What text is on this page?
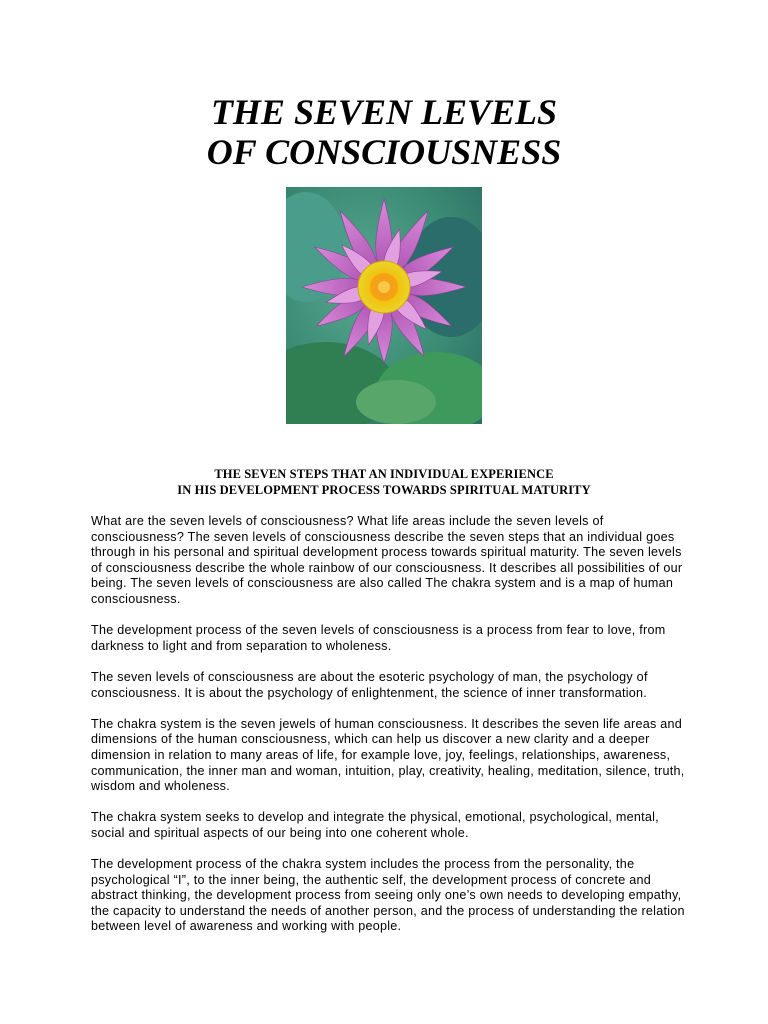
THE SEVEN LEVELS
OF CONSCIOUSNESS
THE SEVEN STEPS THAT AN INDIVIDUAL EXPERIENCE
IN HIS DEVELOPMENT PROCESS TOWARDS SPIRITUAL MATURITY

What are the seven levels of consciousness? What life areas include the seven levels of consciousness? The seven levels of consciousness describe the seven steps that an individual goes through in his personal and spiritual development process towards spiritual maturity. The seven levels of consciousness describe the whole rainbow of our consciousness. It describes all possibilities of our being. The seven levels of consciousness are also called The chakra system and is a map of human consciousness.

The development process of the seven levels of consciousness is a process from fear to love, from darkness to light and from separation to wholeness.

The seven levels of consciousness are about the esoteric psychology of man, the psychology of consciousness. It is about the psychology of enlightenment, the science of inner transformation.

The chakra system is the seven jewels of human consciousness. It describes the seven life areas and dimensions of the human consciousness, which can help us discover a new clarity and a deeper dimension in relation to many areas of life, for example love, joy, feelings, relationships, awareness, communication, the inner man and woman, intuition, play, creativity, healing, meditation, silence, truth, wisdom and wholeness.

The chakra system seeks to develop and integrate the physical, emotional, psychological, mental, social and spiritual aspects of our being into one coherent whole.

The development process of the chakra system includes the process from the personality, the psychological “I”, to the inner being, the authentic self, the development process of concrete and abstract thinking, the development process from seeing only one’s own needs to developing empathy, the capacity to understand the needs of another person, and the process of understanding the relation between level of awareness and working with people.
